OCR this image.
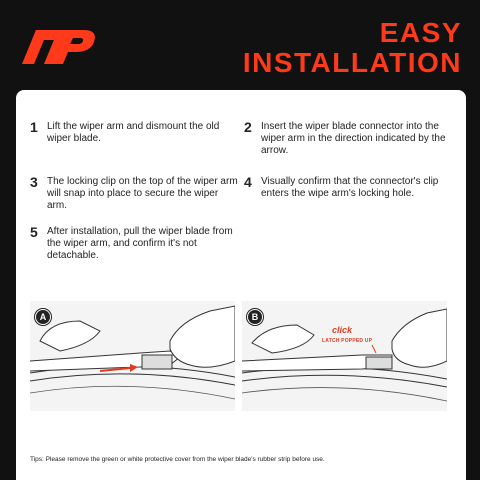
EASY
INSTALLATION
1 Lift the wiper arm and dismount the old wiper blade.
2 Insert the wiper blade connector into the wiper arm in the direction indicated by the arrow.
3 The locking clip on the top of the wiper arm will snap into place to secure the wiper arm.
4 Visually confirm that the connector's clip enters the wipe arm's locking hole.
5 After installation, pull the wiper blade from the wiper arm, and confirm it's not detachable.
A	B
click
LATCH POPPED UP
Tips: Please remove the green or white protective cover from the wiper blade's rubber strip before use.
